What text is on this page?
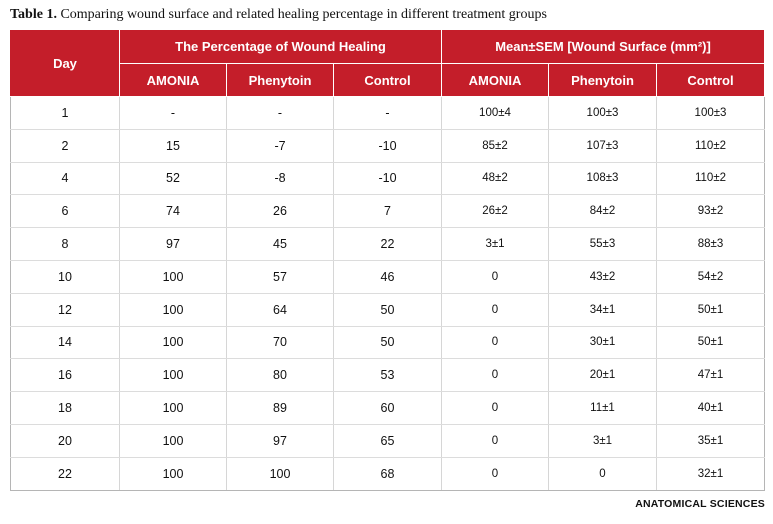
Table 1. Comparing wound surface and related healing percentage in different treatment groups
Day	The Percentage of Wound Healing			Mean±SEM [Wound Surface (mm²)]		
	AMONIA	Phenytoin	Control	AMONIA	Phenytoin	Control
1	-	-	-	100±4	100±3	100±3
2	15	-7	-10	85±2	107±3	110±2
4	52	-8	-10	48±2	108±3	110±2
6	74	26	7	26±2	84±2	93±2
8	97	45	22	3±1	55±3	88±3
10	100	57	46	0	43±2	54±2
12	100	64	50	0	34±1	50±1
14	100	70	50	0	30±1	50±1
16	100	80	53	0	20±1	47±1
18	100	89	60	0	11±1	40±1
20	100	97	65	0	3±1	35±1
22	100	100	68	0	0	32±1
ANATOMICAL SCIENCES
